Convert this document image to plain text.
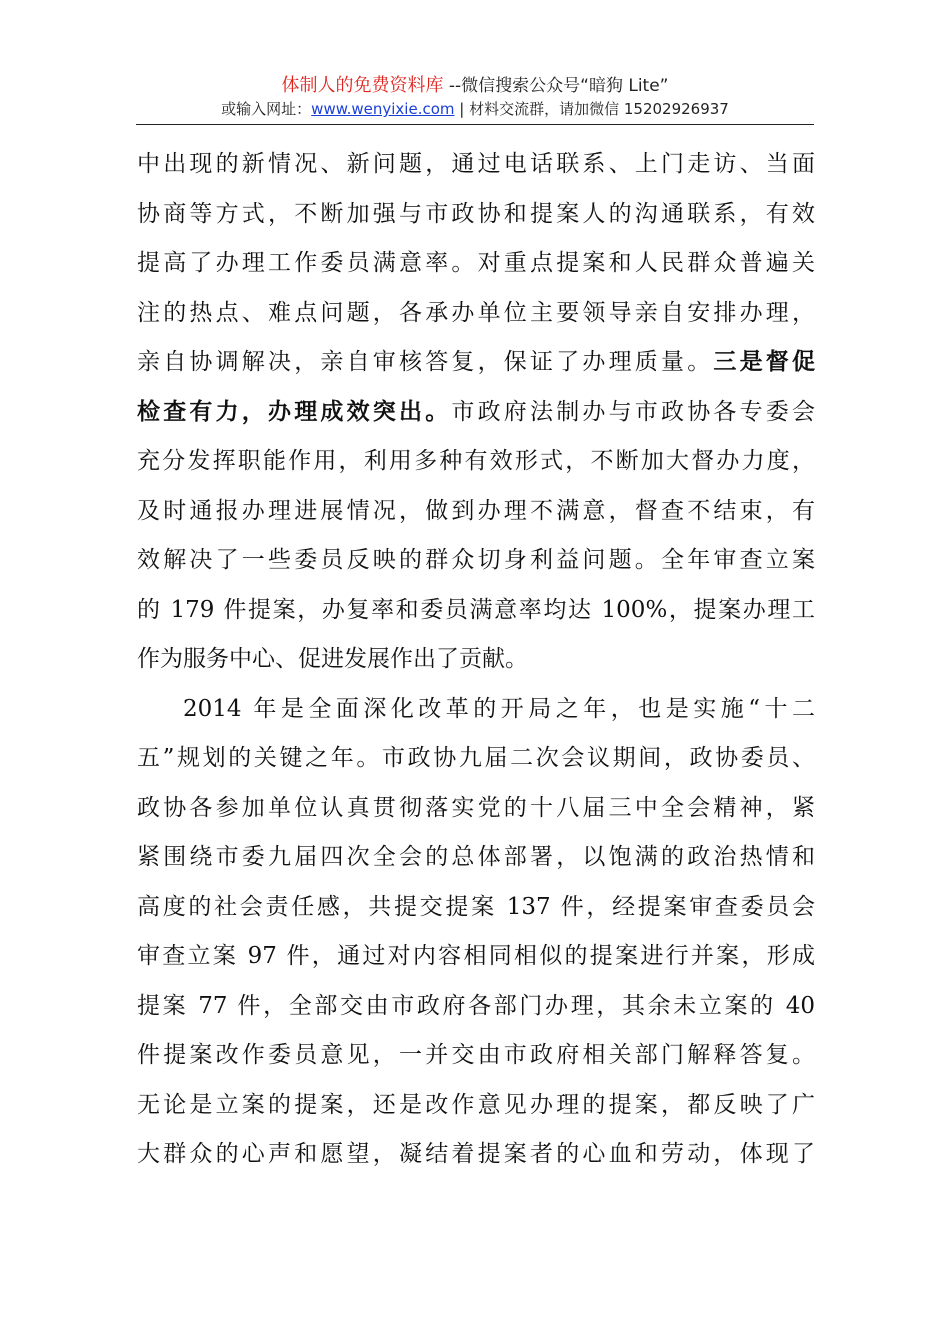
体制人的免费资料库 --微信搜索公众号“暗狗 Lite”
或输入网址：www.wenyixie.com | 材料交流群，请加微信 15202926937
中出现的新情况、新问题，通过电话联系、上门走访、当面
协商等方式，不断加强与市政协和提案人的沟通联系，有效
提高了办理工作委员满意率。对重点提案和人民群众普遍关
注的热点、难点问题，各承办单位主要领导亲自安排办理，
亲自协调解决，亲自审核答复，保证了办理质量。三是督促
检查有力，办理成效突出。市政府法制办与市政协各专委会
充分发挥职能作用，利用多种有效形式，不断加大督办力度，
及时通报办理进展情况，做到办理不满意，督查不结束，有
效解决了一些委员反映的群众切身利益问题。全年审查立案
的 179 件提案，办复率和委员满意率均达 100%，提案办理工
作为服务中心、促进发展作出了贡献。
2014 年是全面深化改革的开局之年，也是实施“十二
五”规划的关键之年。市政协九届二次会议期间，政协委员、
政协各参加单位认真贯彻落实党的十八届三中全会精神，紧
紧围绕市委九届四次全会的总体部署，以饱满的政治热情和
高度的社会责任感，共提交提案 137 件，经提案审查委员会
审查立案 97 件，通过对内容相同相似的提案进行并案，形成
提案 77 件，全部交由市政府各部门办理，其余未立案的 40
件提案改作委员意见，一并交由市政府相关部门解释答复。
无论是立案的提案，还是改作意见办理的提案，都反映了广
大群众的心声和愿望，凝结着提案者的心血和劳动，体现了
